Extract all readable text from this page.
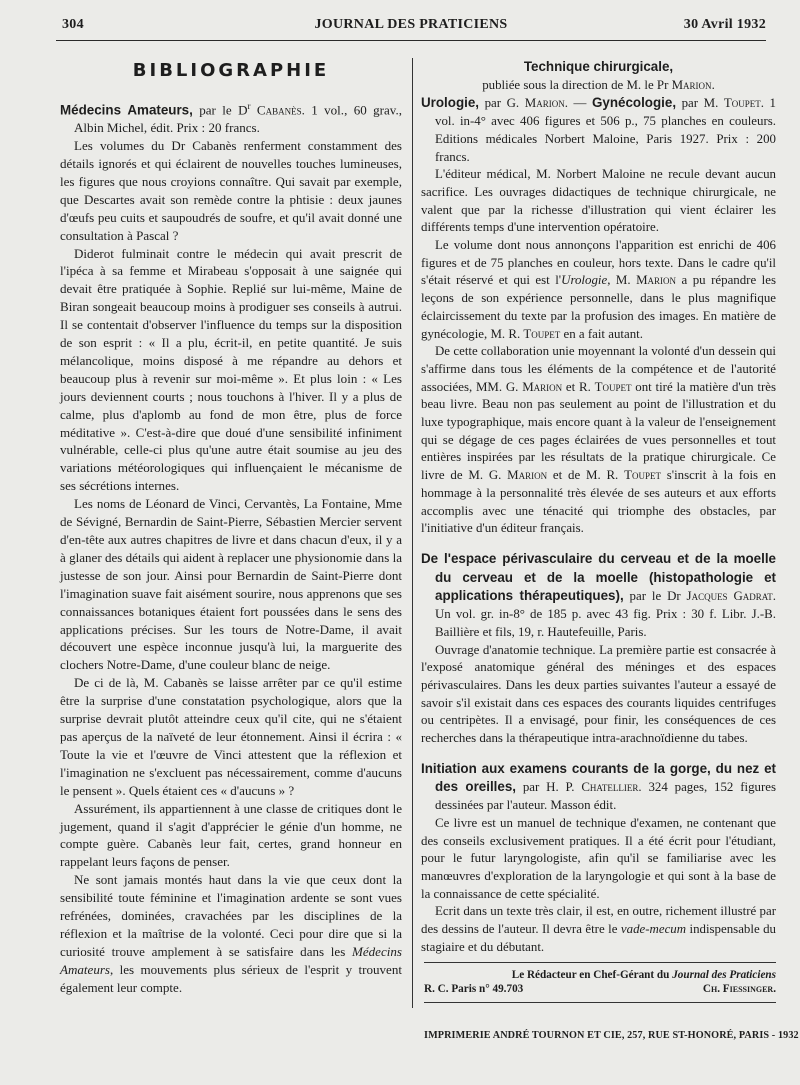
304	JOURNAL DES PRATICIENS	30 Avril 1932
BIBLIOGRAPHIE

Médecins Amateurs, par le $D^r$ Cabanès. 1 vol., 60 grav., Albin Michel, édit. Prix : 20 francs.

Les volumes du Dr Cabanès renferment constamment des détails ignorés et qui éclairent de nouvelles touches lumineuses, les figures que nous croyions connaître. Qui savait par exemple, que Descartes avait son remède contre la phtisie : deux jaunes d'œufs peu cuits et saupoudrés de soufre, et qu'il avait donné une consultation à Pascal ?

Diderot fulminait contre le médecin qui avait prescrit de l'ipéca à sa femme et Mirabeau s'opposait à une saignée qui devait être pratiquée à Sophie. Replié sur lui-même, Maine de Biran songeait beaucoup moins à prodiguer ses conseils à autrui. Il se contentait d'observer l'influence du temps sur la disposition de son esprit : « Il a plu, écrit-il, en petite quantité. Je suis mélancolique, moins disposé à me répandre au dehors et beaucoup plus à revenir sur moi-même ». Et plus loin : « Les jours deviennent courts ; nous touchons à l'hiver. Il y a plus de calme, plus d'aplomb au fond de mon être, plus de force méditative ». C'est-à-dire que doué d'une sensibilité infiniment vulnérable, celle-ci plus qu'une autre était soumise au jeu des variations météorologiques qui influençaient le mécanisme de ses sécrétions internes.

Les noms de Léonard de Vinci, Cervantès, La Fontaine, Mme de Sévigné, Bernardin de Saint-Pierre, Sébastien Mercier servent d'en-tête aux autres chapitres de livre et dans chacun d'eux, il y a à glaner des détails qui aident à replacer une physionomie dans la justesse de son jour. Ainsi pour Bernardin de Saint-Pierre dont l'imagination suave fait aisément sourire, nous apprenons que ses connaissances botaniques étaient fort poussées dans le sens des applications précises. Sur les tours de Notre-Dame, il avait découvert une espèce inconnue jusqu'à lui, la marguerite des clochers Notre-Dame, d'une couleur blanc de neige.

De ci de là, M. Cabanès se laisse arrêter par ce qu'il estime être la surprise d'une constatation psychologique, alors que la surprise devrait plutôt atteindre ceux qu'il cite, qui ne s'étaient pas aperçus de la naïveté de leur étonnement. Ainsi il écrira : « Toute la vie et l'œuvre de Vinci attestent que la réflexion et l'imagination ne s'excluent pas nécessairement, comme d'aucuns le pensent ». Quels étaient ces « d'aucuns » ?

Assurément, ils appartiennent à une classe de critiques dont le jugement, quand il s'agit d'apprécier le génie d'un homme, ne compte guère. Cabanès leur fait, certes, grand honneur en rappelant leurs façons de penser.

Ne sont jamais montés haut dans la vie que ceux dont la sensibilité toute féminine et l'imagination ardente se sont vues refrénées, dominées, cravachées par les disciplines de la réflexion et la maîtrise de la volonté. Ceci pour dire que si la curiosité trouve amplement à se satisfaire dans les Médecins Amateurs, les mouvements plus sérieux de l'esprit y trouvent également leur compte.

Technique chirurgicale,

publiée sous la direction de M. le Pr Marion.

Urologie, par G. Marion. — Gynécologie, par M. Toupet. 1 vol. in-4° avec 406 figures et 506 p., 75 planches en couleurs. Editions médicales Norbert Maloine, Paris 1927. Prix : 200 francs.

L'éditeur médical, M. Norbert Maloine ne recule devant aucun sacrifice. Les ouvrages didactiques de technique chirurgicale, ne valent que par la richesse d'illustration qui vient éclairer les différents temps d'une intervention opératoire.

Le volume dont nous annonçons l'apparition est enrichi de 406 figures et de 75 planches en couleur, hors texte. Dans le cadre qu'il s'était réservé et qui est l'Urologie, M. Marion a pu répandre les leçons de son expérience personnelle, dans le plus magnifique éclaircissement du texte par la profusion des images. En matière de gynécologie, M. R. Toupet en a fait autant.

De cette collaboration unie moyennant la volonté d'un dessein qui s'affirme dans tous les éléments de la compétence et de l'autorité associées, MM. G. Marion et R. Toupet ont tiré la matière d'un très beau livre. Beau non pas seulement au point de l'illustration et du luxe typographique, mais encore quant à la valeur de l'enseignement qui se dégage de ces pages éclairées de vues personnelles et tout entières inspirées par les résultats de la pratique chirurgicale. Ce livre de M. G. Marion et de M. R. Toupet s'inscrit à la fois en hommage à la personnalité très élevée de ses auteurs et aux efforts accomplis avec une ténacité qui triomphe des obstacles, par l'initiative d'un éditeur français.

De l'espace périvasculaire du cerveau et de la moelle du cerveau et de la moelle (histopathologie et applications thérapeutiques), par le Dr Jacques Gadrat. Un vol. gr. in-8° de 185 p. avec 43 fig. Prix : 30 f. Libr. J.-B. Baillière et fils, 19, r. Hautefeuille, Paris.

Ouvrage d'anatomie technique. La première partie est consacrée à l'exposé anatomique général des méninges et des espaces périvasculaires. Dans les deux parties suivantes l'auteur a essayé de savoir s'il existait dans ces espaces des courants liquides centrifuges ou centripètes. Il a envisagé, pour finir, les conséquences de ces recherches dans la thérapeutique intra-arachnoïdienne du tabes.

Initiation aux examens courants de la gorge, du nez et des oreilles, par H. P. Chatellier. 324 pages, 152 figures dessinées par l'auteur. Masson édit.

Ce livre est un manuel de technique d'examen, ne contenant que des conseils exclusivement pratiques. Il a été écrit pour l'étudiant, pour le futur laryngologiste, afin qu'il se familiarise avec les manœuvres d'exploration de la laryngologie et qui sont à la base de la connaissance de cette spécialité.

Ecrit dans un texte très clair, il est, en outre, richement illustré par des dessins de l'auteur. Il devra être le vade-mecum indispensable du stagiaire et du débutant.

Le Rédacteur en Chef-Gérant du Journal des Praticiens
R. C. Paris n° 49.703	Ch. Fiessinger.
IMPRIMERIE ANDRÉ TOURNON ET CIE, 257, RUE ST-HONORÉ, PARIS - 1932
